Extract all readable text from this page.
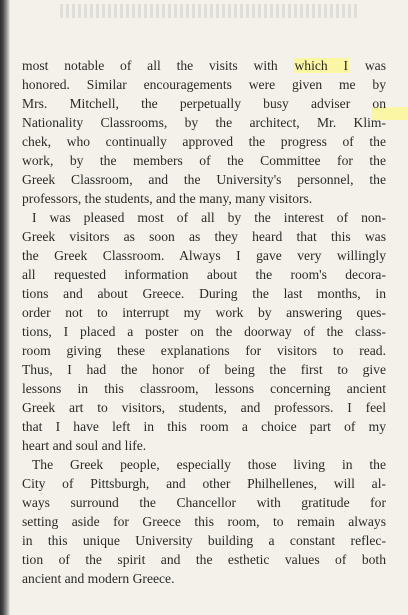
most notable of all the visits with which I was
honored. Similar encouragements were given me by
Mrs. Mitchell, the perpetually busy adviser on
Nationality Classrooms, by the architect, Mr. Klim-
chek, who continually approved the progress of the
work, by the members of the Committee for the
Greek Classroom, and the University's personnel, the
professors, the students, and the many, many visitors.
I was pleased most of all by the interest of non-
Greek visitors as soon as they heard that this was
the Greek Classroom. Always I gave very willingly
all requested information about the room's decora-
tions and about Greece. During the last months, in
order not to interrupt my work by answering ques-
tions, I placed a poster on the doorway of the class-
room giving these explanations for visitors to read.
Thus, I had the honor of being the first to give
lessons in this classroom, lessons concerning ancient
Greek art to visitors, students, and professors. I feel
that I have left in this room a choice part of my
heart and soul and life.
The Greek people, especially those living in the
City of Pittsburgh, and other Philhellenes, will al-
ways surround the Chancellor with gratitude for
setting aside for Greece this room, to remain always
in this unique University building a constant reflec-
tion of the spirit and the esthetic values of both
ancient and modern Greece.
